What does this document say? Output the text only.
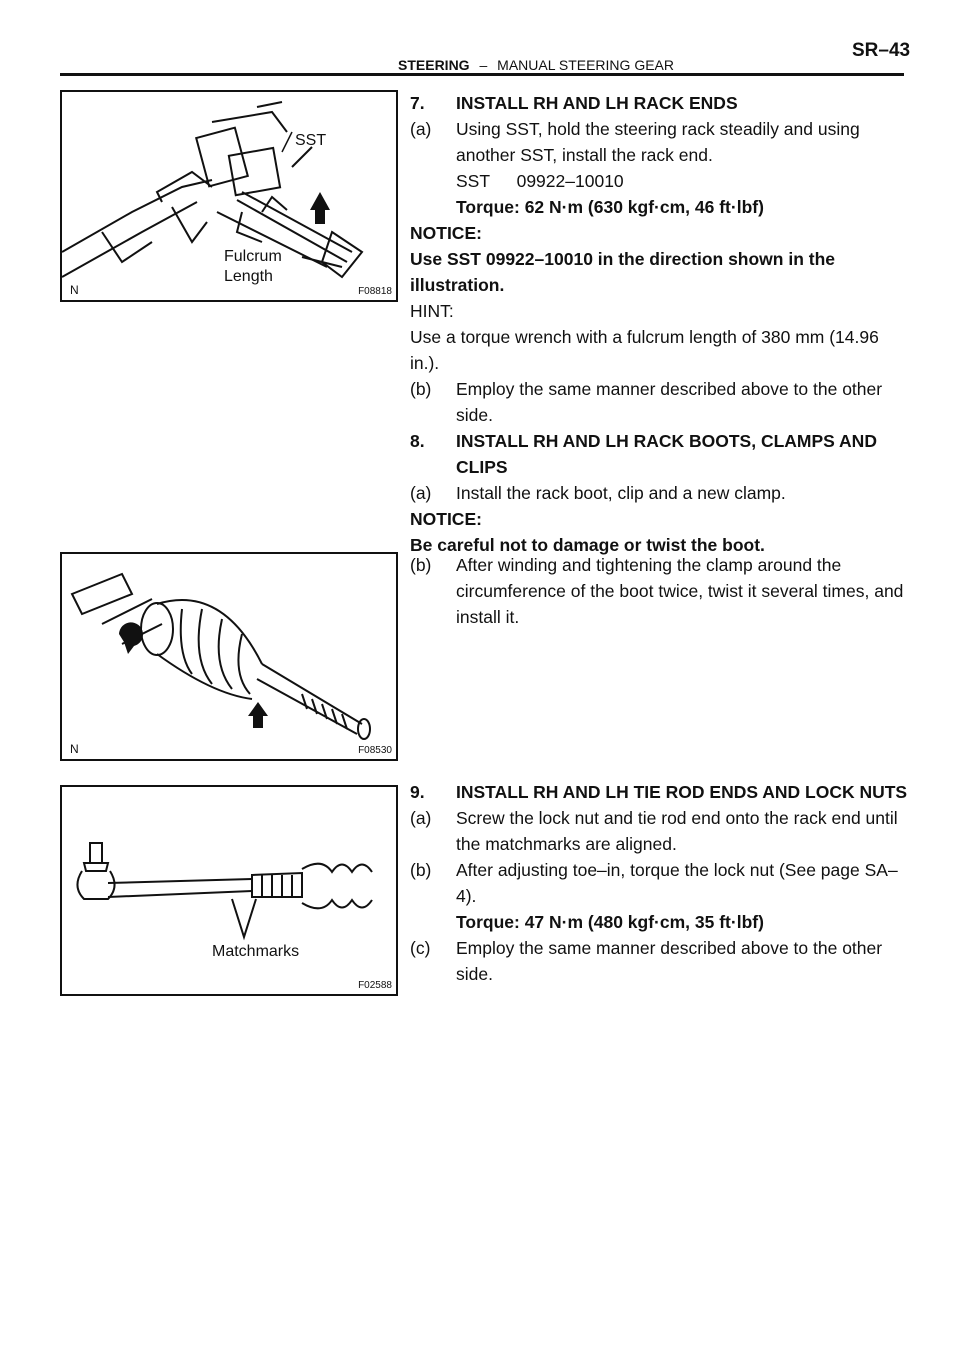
SR–43
STEERING – MANUAL STEERING GEAR
SST
Fulcrum
Length
N	F08818
N	F08530
Matchmarks
F02588
7. INSTALL RH AND LH RACK ENDS
(a) Using SST, hold the steering rack steadily and using another SST, install the rack end.
SST 09922–10010
Torque: 62 N·m (630 kgf·cm, 46 ft·lbf)
NOTICE:
Use SST 09922–10010 in the direction shown in the illustration.
HINT:
Use a torque wrench with a fulcrum length of 380 mm (14.96 in.).
(b) Employ the same manner described above to the other side.
8. INSTALL RH AND LH RACK BOOTS, CLAMPS AND CLIPS
(a) Install the rack boot, clip and a new clamp.
NOTICE:
Be careful not to damage or twist the boot.
(b) After winding and tightening the clamp around the circumference of the boot twice, twist it several times, and install it.
9. INSTALL RH AND LH TIE ROD ENDS AND LOCK NUTS
(a) Screw the lock nut and tie rod end onto the rack end until the matchmarks are aligned.
(b) After adjusting toe–in, torque the lock nut (See page SA–4).
Torque: 47 N·m (480 kgf·cm, 35 ft·lbf)
(c) Employ the same manner described above to the other side.
